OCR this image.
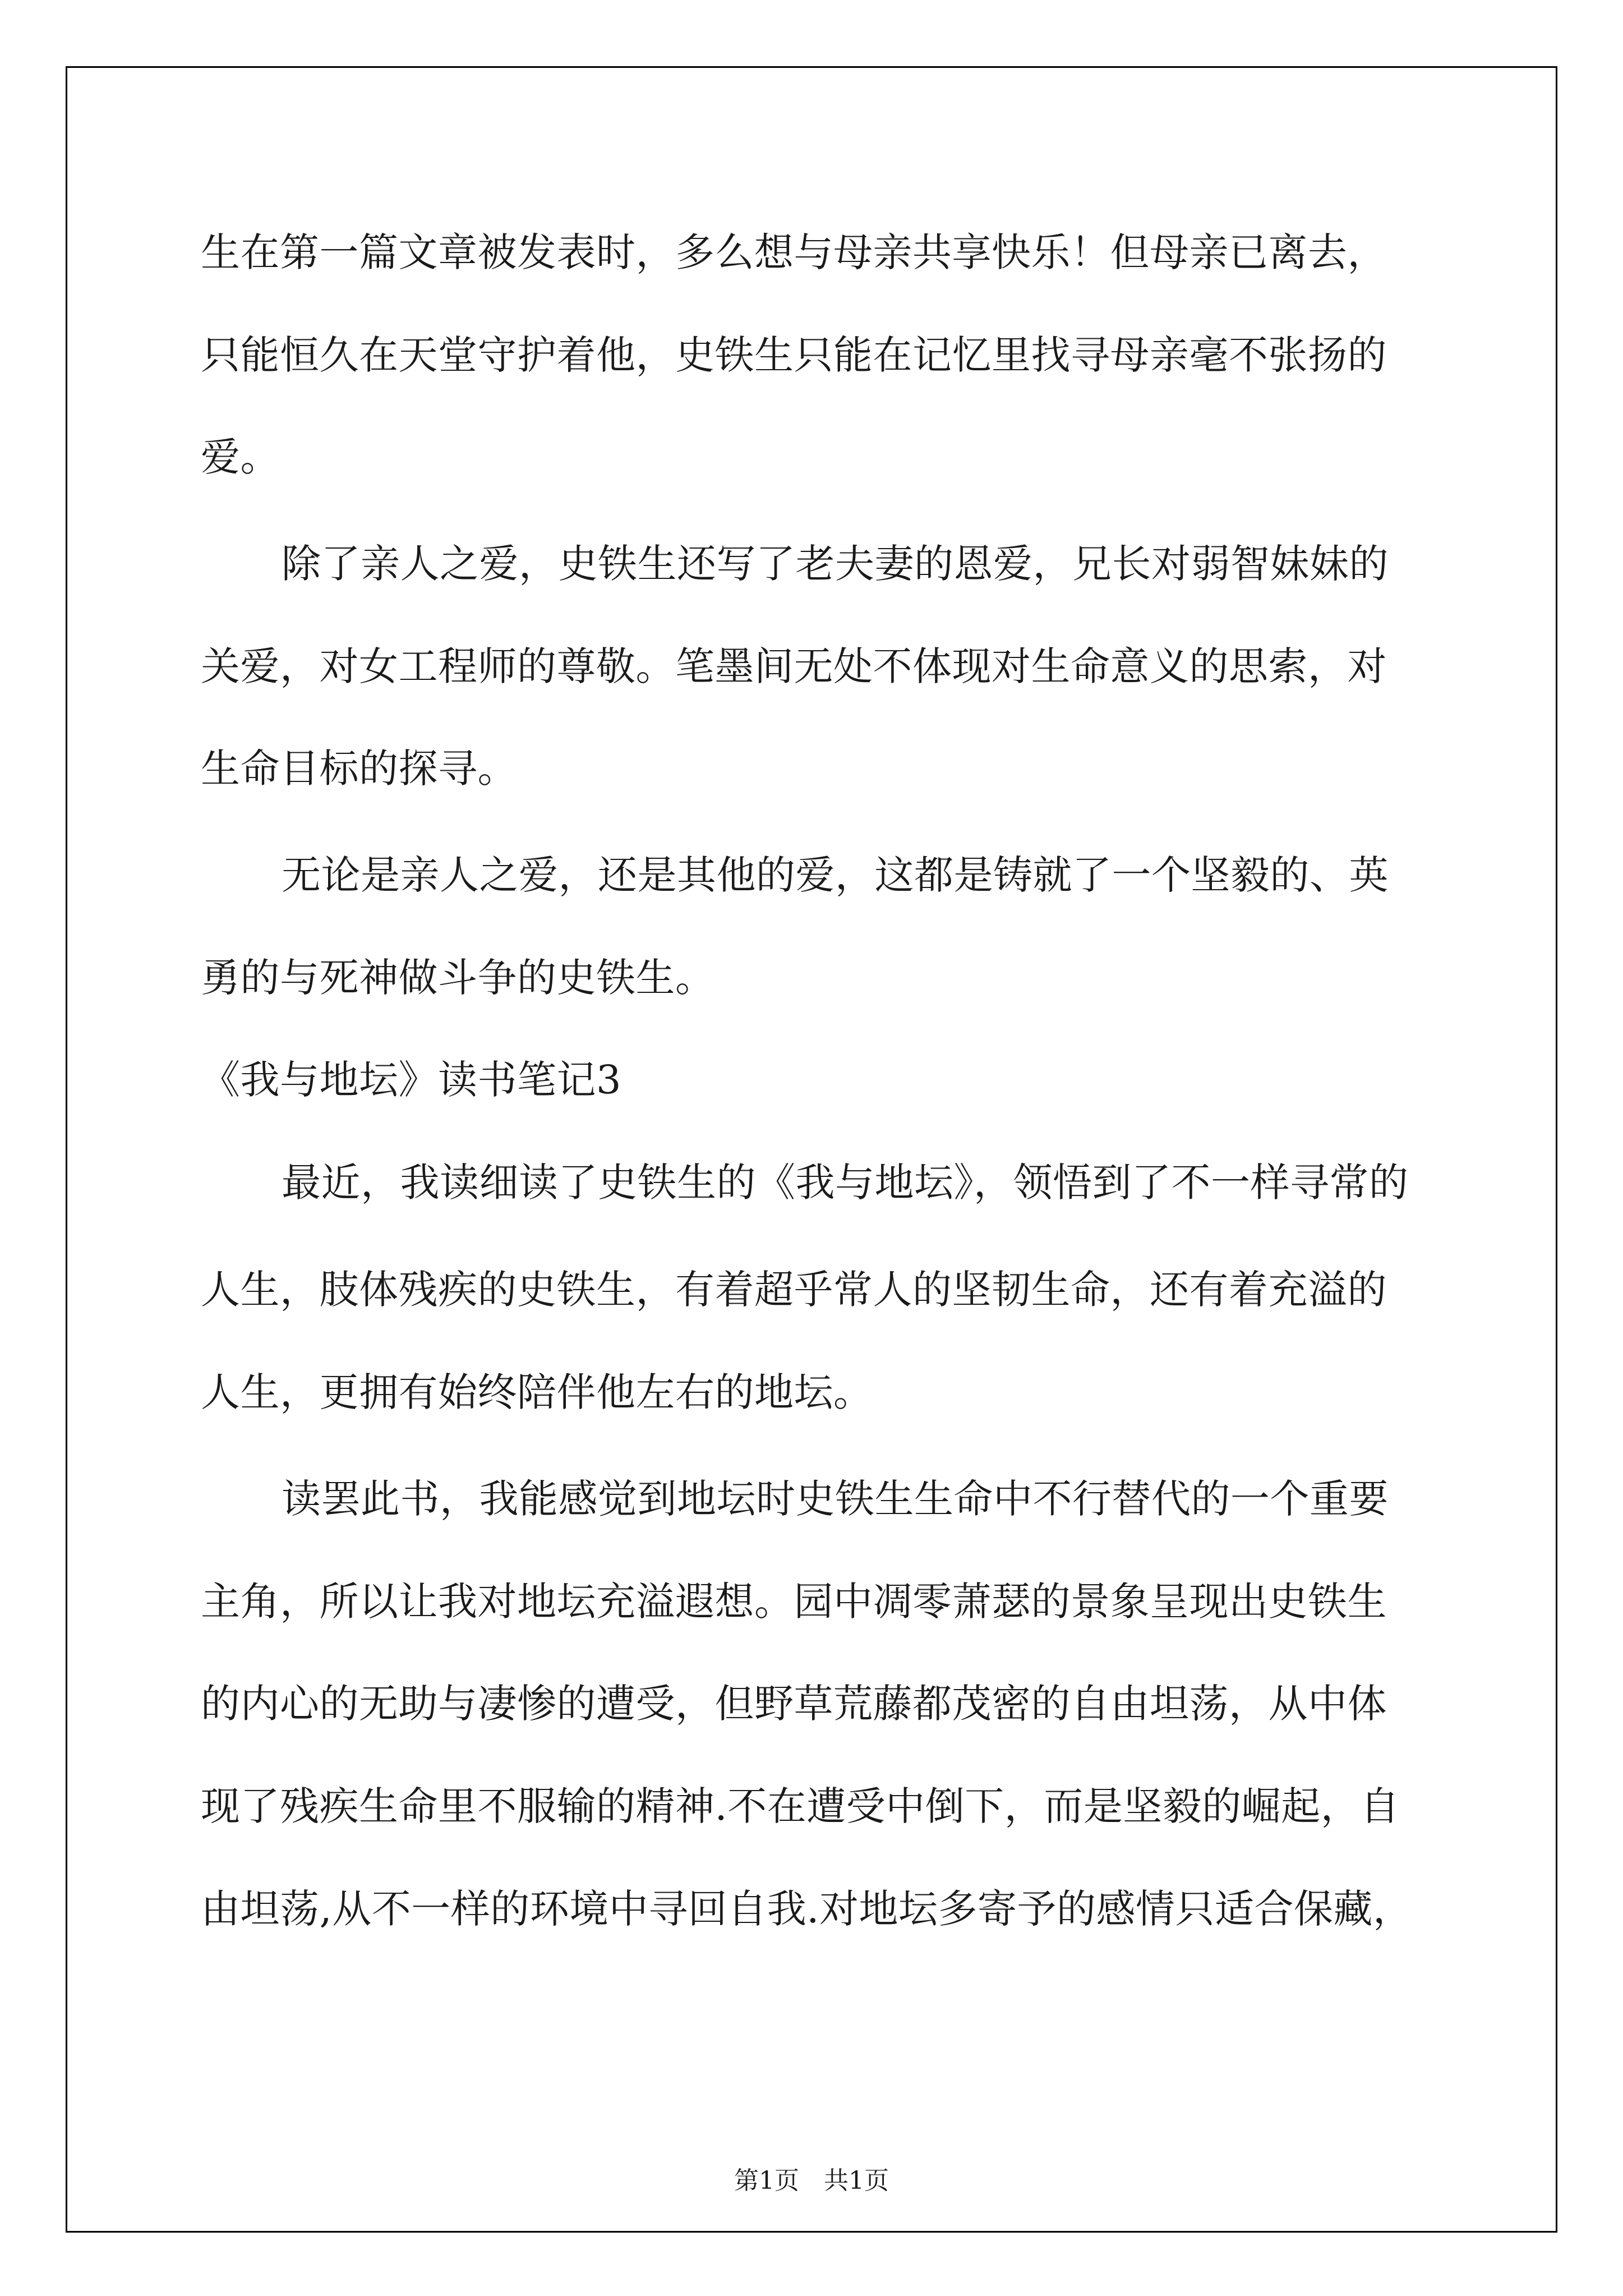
生在第一篇文章被发表时，多么想与母亲共享快乐！但母亲已离去，

只能恒久在天堂守护着他，史铁生只能在记忆里找寻母亲毫不张扬的

爱。

除了亲人之爱，史铁生还写了老夫妻的恩爱，兄长对弱智妹妹的

关爱，对女工程师的尊敬。笔墨间无处不体现对生命意义的思索，对

生命目标的探寻。

无论是亲人之爱，还是其他的爱，这都是铸就了一个坚毅的、英

勇的与死神做斗争的史铁生。

《我与地坛》读书笔记3

最近，我读细读了史铁生的《我与地坛》，领悟到了不一样寻常的

人生，肢体残疾的史铁生，有着超乎常人的坚韧生命，还有着充溢的

人生，更拥有始终陪伴他左右的地坛。

读罢此书，我能感觉到地坛时史铁生生命中不行替代的一个重要

主角，所以让我对地坛充溢遐想。园中凋零萧瑟的景象呈现出史铁生

的内心的无助与凄惨的遭受，但野草荒藤都茂密的自由坦荡，从中体

现了残疾生命里不服输的精神.不在遭受中倒下，而是坚毅的崛起，自

由坦荡,从不一样的环境中寻回自我.对地坛多寄予的感情只适合保藏，

第1页　共1页
